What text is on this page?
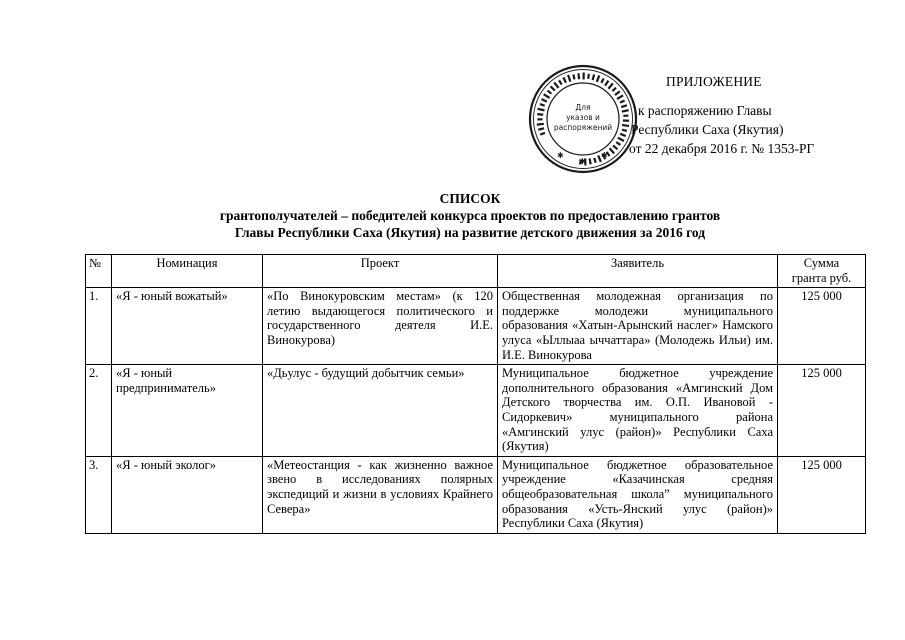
✱
✱
✱
Для
указов и
распоряжений
ПРИЛОЖЕНИЕ
к распоряжению Главы
Республики Саха (Якутия)
от 22 декабря 2016 г. № 1353-РГ
СПИСОК
грантополучателей – победителей конкурса проектов по предоставлению грантов
Главы Республики Саха (Якутия) на развитие детского движения за 2016 год
№	Номинация	Проект	Заявитель	Сумма
гранта руб.

1.	«Я - юный вожатый»	«По Винокуровским местам» (к 120 летию выдающегося политического и государственного деятеля И.Е. Винокурова)	Общественная молодежная организация по поддержке молодежи муниципального образования «Хатын-Арынский наслег» Намского улуса «Ыллыаа ыччаттара» (Молодежь Ильи) им. И.Е. Винокурова	125 000
2.	«Я - юный предприниматель»	«Дьулус - будущий добытчик семьи»	Муниципальное бюджетное учреждение дополнительного образования «Амгинский Дом Детского творчества им. О.П. Ивановой - Сидоркевич» муниципального района «Амгинский улус (район)» Республики Саха (Якутия)	125 000
3.	«Я - юный эколог»	«Метеостанция - как жизненно важное звено в исследованиях полярных экспедиций и жизни в условиях Крайнего Севера»	Муниципальное бюджетное образовательное учреждение «Казачинская средняя общеобразовательная школа” муниципального образования «Усть-Янский улус (район)» Республики Саха (Якутия)	125 000
